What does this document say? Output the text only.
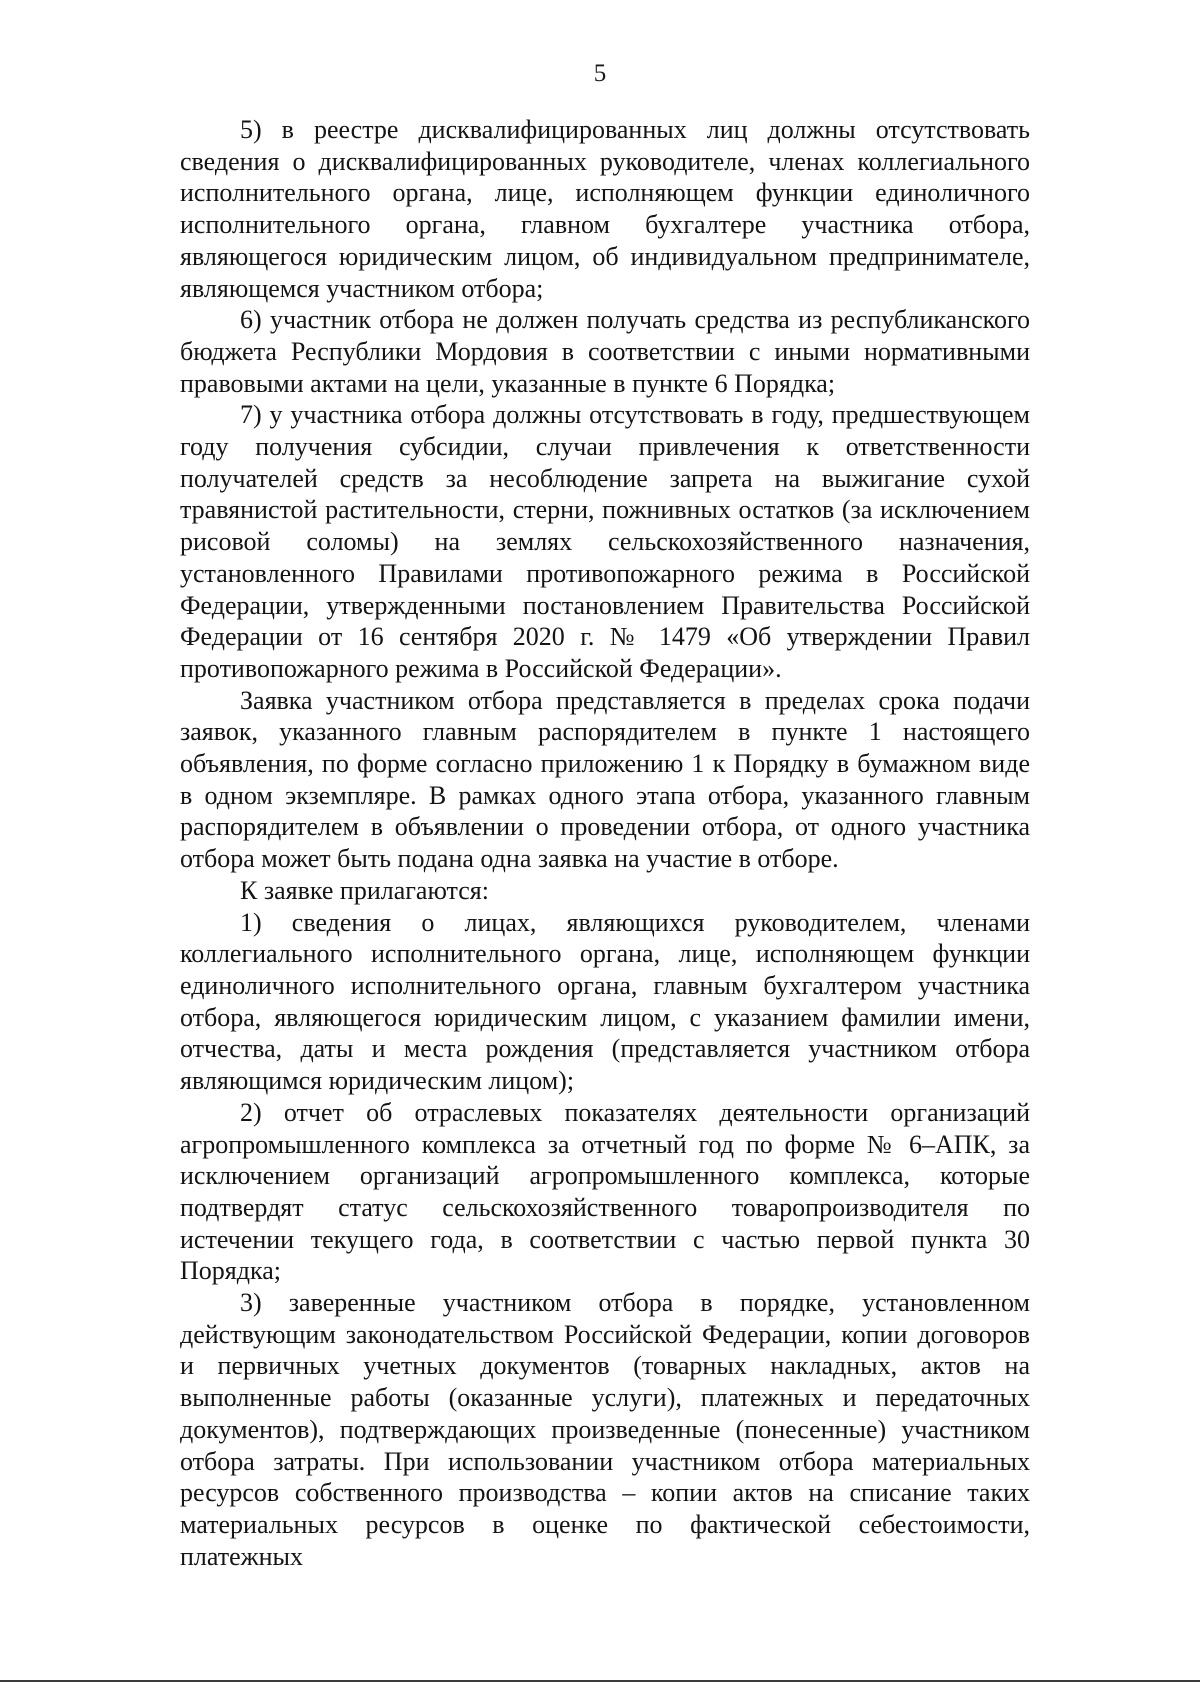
5

5) в реестре дисквалифицированных лиц должны отсутствовать сведения о дисквалифицированных руководителе, членах коллегиального исполнительного органа, лице, исполняющем функции единоличного исполнительного органа, главном бухгалтере участника отбора, являющегося юридическим лицом, об индивидуальном предпринимателе, являющемся участником отбора;

6) участник отбора не должен получать средства из республиканского бюджета Республики Мордовия в соответствии с иными нормативными правовыми актами на цели, указанные в пункте 6 Порядка;

7) у участника отбора должны отсутствовать в году, предшествующем году получения субсидии, случаи привлечения к ответственности получателей средств за несоблюдение запрета на выжигание сухой травянистой растительности, стерни, пожнивных остатков (за исключением рисовой соломы) на землях сельскохозяйственного назначения, установленного Правилами противопожарного режима в Российской Федерации, утвержденными постановлением Правительства Российской Федерации от 16 сентября 2020 г. № 1479 «Об утверждении Правил противопожарного режима в Российской Федерации».

Заявка участником отбора представляется в пределах срока подачи заявок, указанного главным распорядителем в пункте 1 настоящего объявления, по форме согласно приложению 1 к Порядку в бумажном виде в одном экземпляре. В рамках одного этапа отбора, указанного главным распорядителем в объявлении о проведении отбора, от одного участника отбора может быть подана одна заявка на участие в отборе.

К заявке прилагаются:

1) сведения о лицах, являющихся руководителем, членами коллегиального исполнительного органа, лице, исполняющем функции единоличного исполнительного органа, главным бухгалтером участника отбора, являющегося юридическим лицом, с указанием фамилии имени, отчества, даты и места рождения (представляется участником отбора являющимся юридическим лицом);

2) отчет об отраслевых показателях деятельности организаций агропромышленного комплекса за отчетный год по форме № 6–АПК, за исключением организаций агропромышленного комплекса, которые подтвердят статус сельскохозяйственного товаропроизводителя по истечении текущего года, в соответствии с частью первой пункта 30 Порядка;

3) заверенные участником отбора в порядке, установленном действующим законодательством Российской Федерации, копии договоров и первичных учетных документов (товарных накладных, актов на выполненные работы (оказанные услуги), платежных и передаточных документов), подтверждающих произведенные (понесенные) участником отбора затраты. При использовании участником отбора материальных ресурсов собственного производства – копии актов на списание таких материальных ресурсов в оценке по фактической себестоимости, платежных
